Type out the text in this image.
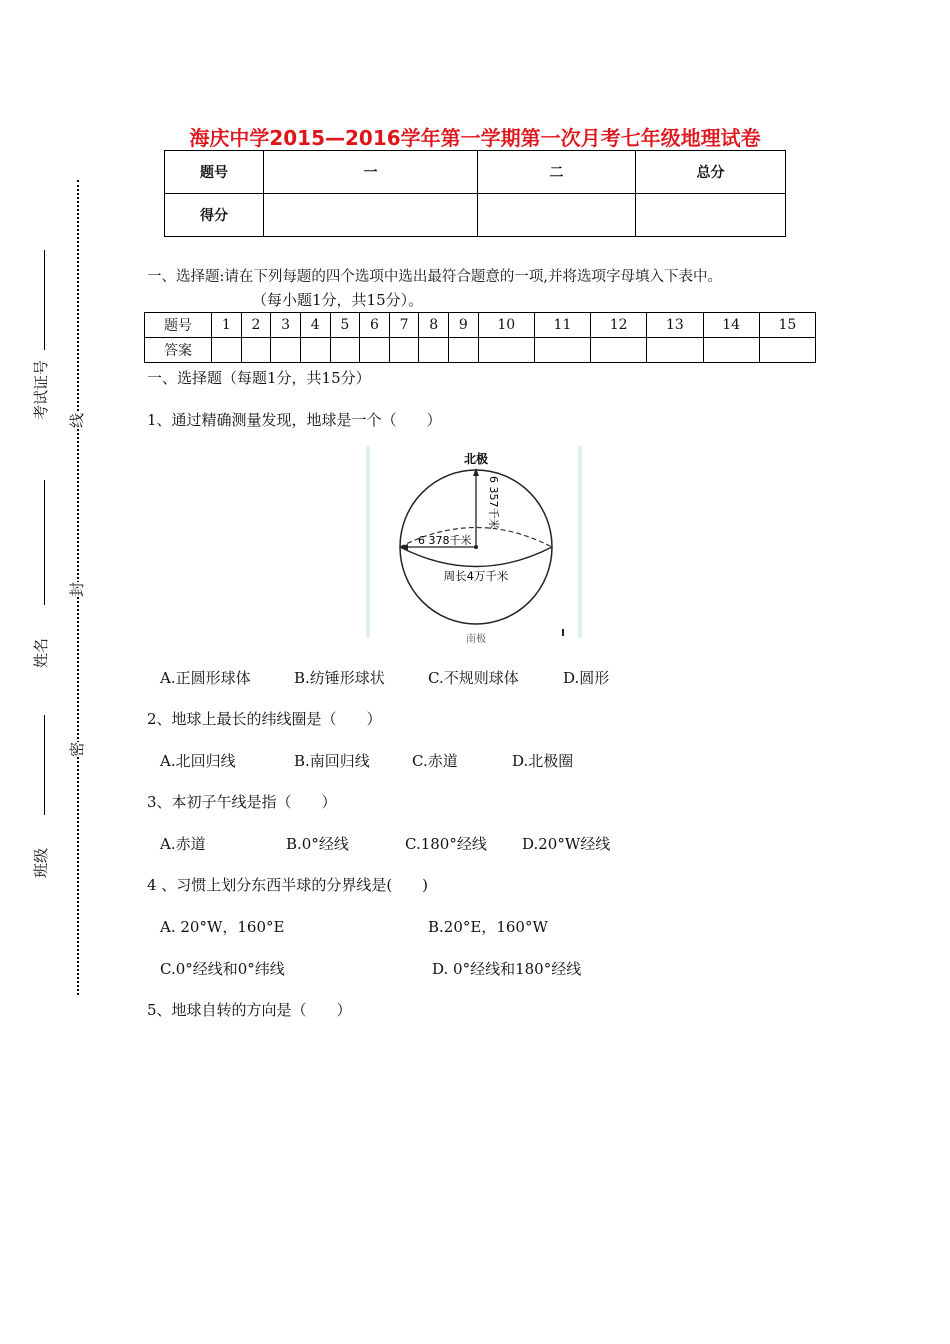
考试证号
姓名
班级
线
封
密
海庆中学2015—2016学年第一学期第一次月考七年级地理试卷
题号	一	二	总分
得分			
一、选择题:请在下列每题的四个选项中选出最符合题意的一项,并将选项字母填入下表中。
（每小题1分，共15分）。
题号	1	2	3	4	5	6	7	8	9	10	11	12	13	14	15
答案															
一、选择题（每题1分，共15分）
1、通过精确测量发现，地球是一个（　　）
北极
6 357千米
6 378千米
周长4万千米
南极
A.正圆形球体	B.纺锤形球状	C.不规则球体	D.圆形
2、地球上最长的纬线圈是（　　）
A.北回归线	B.南回归线	C.赤道	D.北极圈
3、本初子午线是指（　　）
A.赤道	B.0°经线	C.180°经线 D.20°W经线
4 、习惯上划分东西半球的分界线是(　　)
A. 20°W，160°E	B.20°E，160°W
C.0°经线和0°纬线	D. 0°经线和180°经线
5、地球自转的方向是（　　）
